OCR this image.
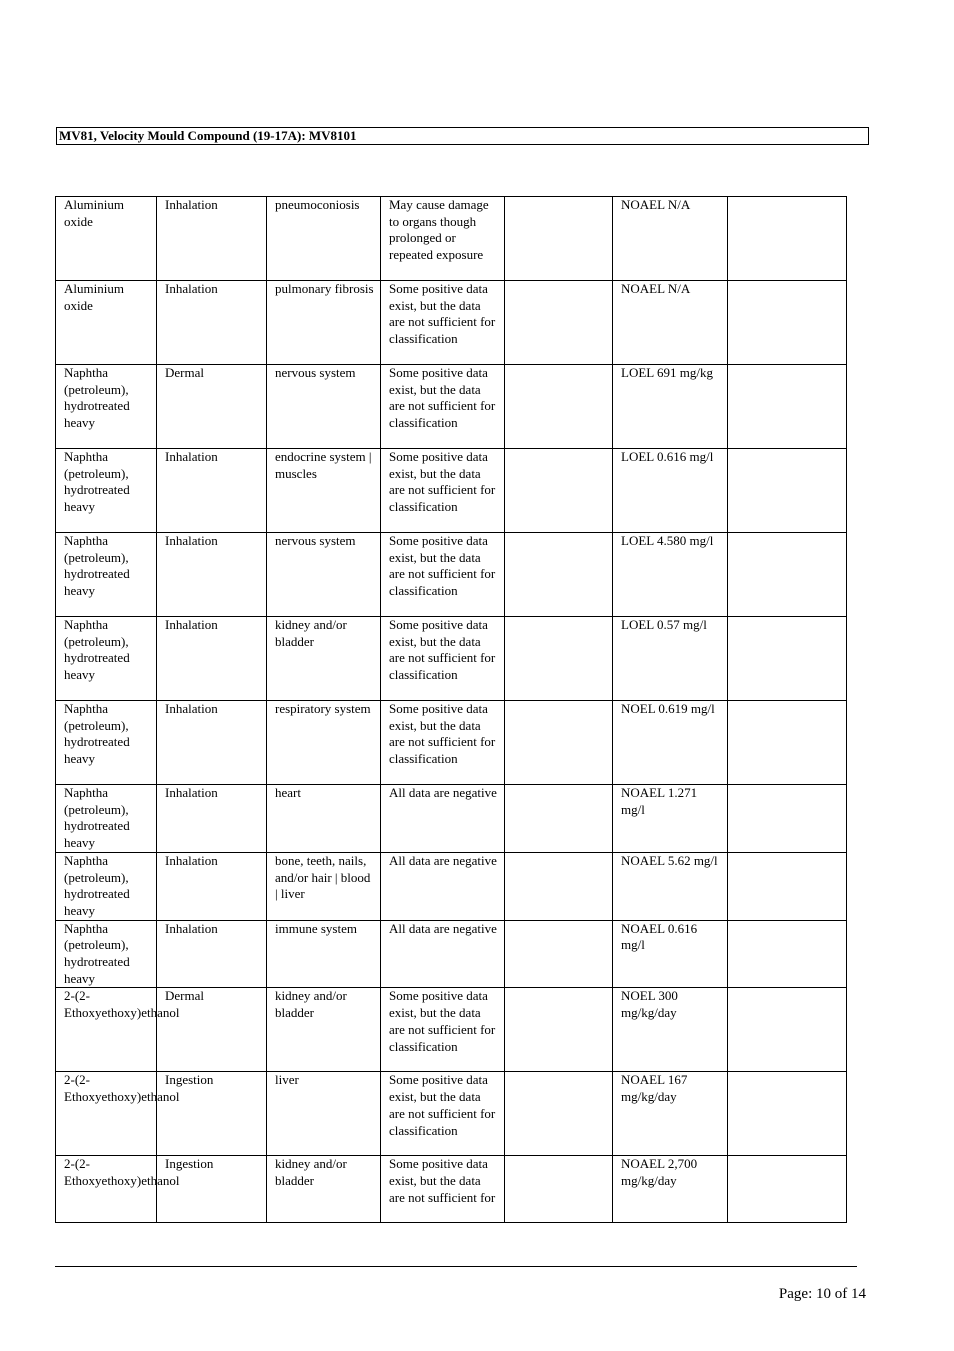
MV81, Velocity Mould Compound (19-17A): MV8101
Aluminium oxide	Inhalation	pneumoconiosis	May cause damage to organs though prolonged or repeated exposure		NOAEL N/A	
Aluminium oxide	Inhalation	pulmonary fibrosis	Some positive data exist, but the data are not sufficient for classification		NOAEL N/A	
Naphtha (petroleum), hydrotreated heavy	Dermal	nervous system	Some positive data exist, but the data are not sufficient for classification		LOEL 691 mg/kg	
Naphtha (petroleum), hydrotreated heavy	Inhalation	endocrine system | muscles	Some positive data exist, but the data are not sufficient for classification		LOEL 0.616 mg/l	
Naphtha (petroleum), hydrotreated heavy	Inhalation	nervous system	Some positive data exist, but the data are not sufficient for classification		LOEL 4.580 mg/l	
Naphtha (petroleum), hydrotreated heavy	Inhalation	kidney and/or bladder	Some positive data exist, but the data are not sufficient for classification		LOEL 0.57 mg/l	
Naphtha (petroleum), hydrotreated heavy	Inhalation	respiratory system	Some positive data exist, but the data are not sufficient for classification		NOEL 0.619 mg/l	
Naphtha (petroleum), hydrotreated heavy	Inhalation	heart	All data are negative		NOAEL 1.271 mg/l	
Naphtha (petroleum), hydrotreated heavy	Inhalation	bone, teeth, nails, and/or hair | blood | liver	All data are negative		NOAEL 5.62 mg/l	
Naphtha (petroleum), hydrotreated heavy	Inhalation	immune system	All data are negative		NOAEL 0.616 mg/l	
2-(2-Ethoxyethoxy)ethanol	Dermal	kidney and/or bladder	Some positive data exist, but the data are not sufficient for classification		NOEL 300 mg/kg/day	
2-(2-Ethoxyethoxy)ethanol	Ingestion	liver	Some positive data exist, but the data are not sufficient for classification		NOAEL 167 mg/kg/day	
2-(2-Ethoxyethoxy)ethanol	Ingestion	kidney and/or bladder	Some positive data exist, but the data are not sufficient for		NOAEL 2,700 mg/kg/day	
Page: 10 of 14
